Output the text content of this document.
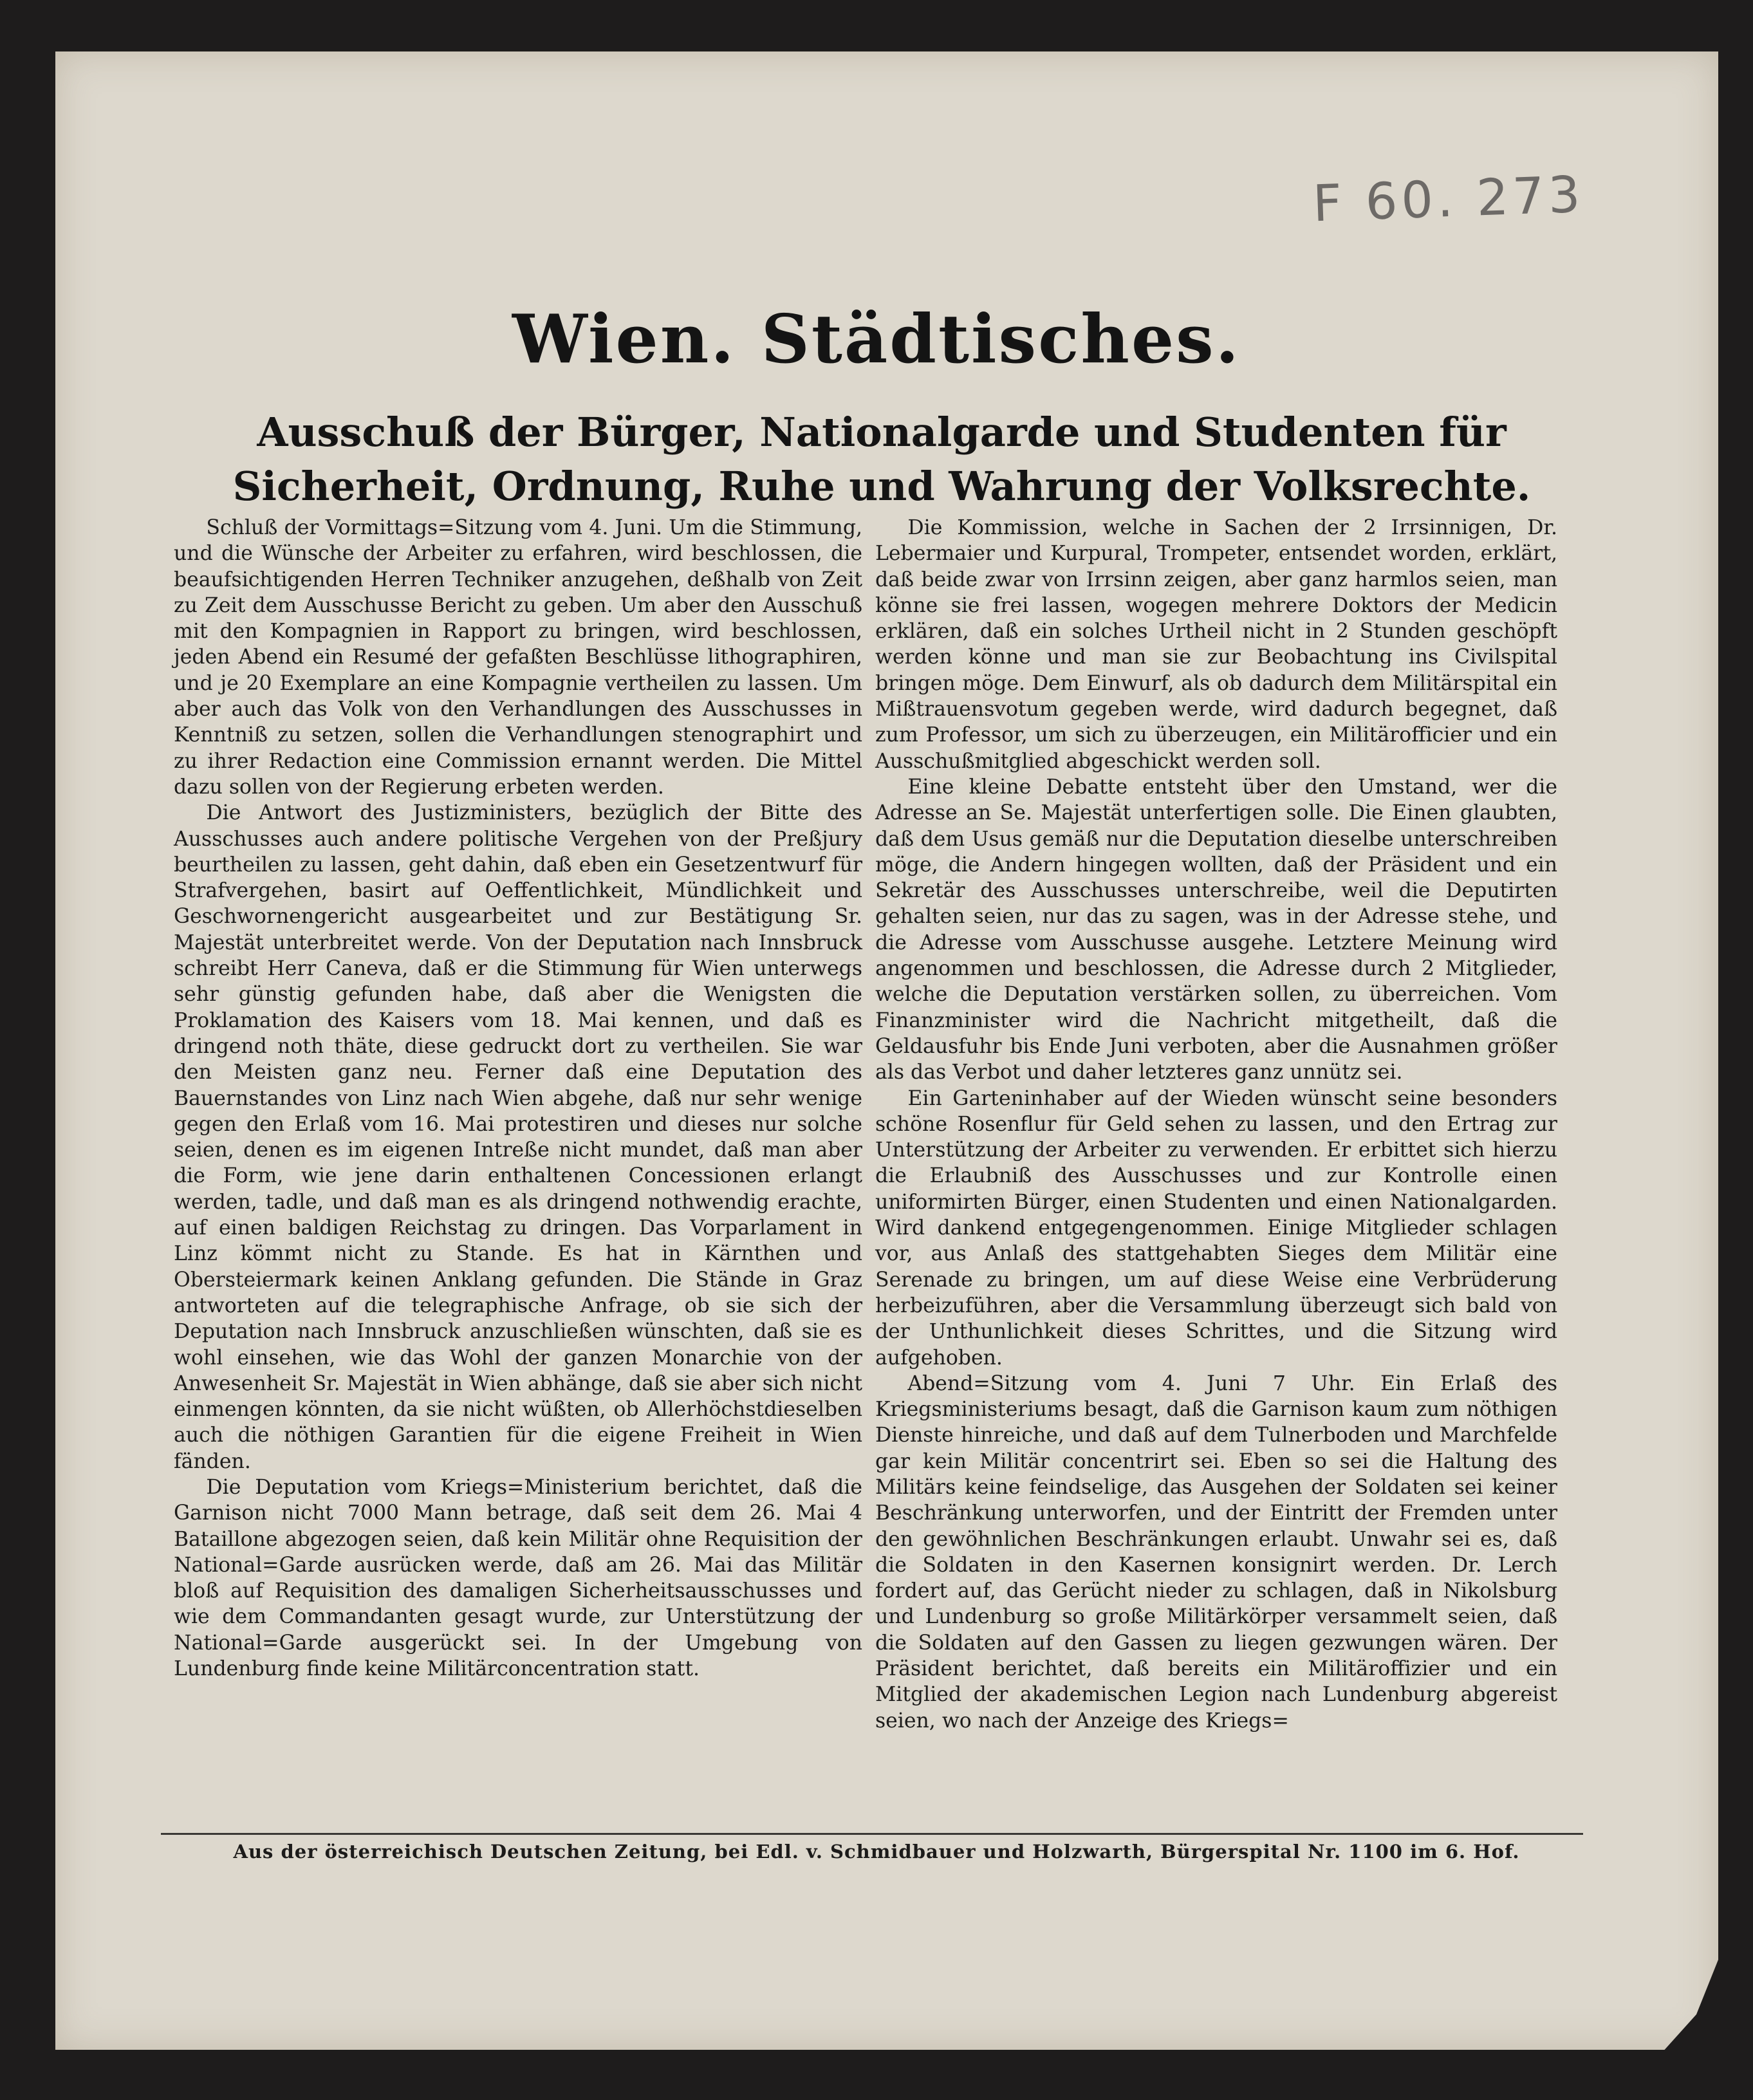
F 60. 273
Wien. Städtisches.
Ausschuß der Bürger, Nationalgarde und Studenten für Sicherheit, Ordnung, Ruhe und Wahrung der Volksrechte.

Schluß der Vormittags=Sitzung vom 4. Juni. Um die Stimmung, und die Wünsche der Arbeiter zu erfahren, wird beschlossen, die beaufsichtigenden Herren Techniker anzugehen, deßhalb von Zeit zu Zeit dem Ausschusse Bericht zu geben. Um aber den Ausschuß mit den Kompagnien in Rapport zu bringen, wird beschlossen, jeden Abend ein Resumé der gefaßten Beschlüsse lithographiren, und je 20 Exemplare an eine Kompagnie vertheilen zu lassen. Um aber auch das Volk von den Verhandlungen des Ausschusses in Kenntniß zu setzen, sollen die Verhandlungen stenographirt und zu ihrer Redaction eine Commission ernannt werden. Die Mittel dazu sollen von der Regierung erbeten werden.

Die Antwort des Justizministers, bezüglich der Bitte des Ausschusses auch andere politische Vergehen von der Preßjury beurtheilen zu lassen, geht dahin, daß eben ein Gesetzentwurf für Strafvergehen, basirt auf Oeffentlichkeit, Mündlichkeit und Geschwornengericht ausgearbeitet und zur Bestätigung Sr. Majestät unterbreitet werde. Von der Deputation nach Innsbruck schreibt Herr Caneva, daß er die Stimmung für Wien unterwegs sehr günstig gefunden habe, daß aber die Wenigsten die Proklamation des Kaisers vom 18. Mai kennen, und daß es dringend noth thäte, diese gedruckt dort zu vertheilen. Sie war den Meisten ganz neu. Ferner daß eine Deputation des Bauernstandes von Linz nach Wien abgehe, daß nur sehr wenige gegen den Erlaß vom 16. Mai protestiren und dieses nur solche seien, denen es im eigenen Intreße nicht mundet, daß man aber die Form, wie jene darin enthaltenen Concessionen erlangt werden, tadle, und daß man es als dringend nothwendig erachte, auf einen baldigen Reichstag zu dringen. Das Vorparlament in Linz kömmt nicht zu Stande. Es hat in Kärnthen und Obersteiermark keinen Anklang gefunden. Die Stände in Graz antworteten auf die telegraphische Anfrage, ob sie sich der Deputation nach Innsbruck anzuschließen wünschten, daß sie es wohl einsehen, wie das Wohl der ganzen Monarchie von der Anwesenheit Sr. Majestät in Wien abhänge, daß sie aber sich nicht einmengen könnten, da sie nicht wüßten, ob Allerhöchstdieselben auch die nöthigen Garantien für die eigene Freiheit in Wien fänden.

Die Deputation vom Kriegs=Ministerium berichtet, daß die Garnison nicht 7000 Mann betrage, daß seit dem 26. Mai 4 Bataillone abgezogen seien, daß kein Militär ohne Requisition der National=Garde ausrücken werde, daß am 26. Mai das Militär bloß auf Requisition des damaligen Sicherheitsausschusses und wie dem Commandanten gesagt wurde, zur Unterstützung der National=Garde ausgerückt sei. In der Umgebung von Lundenburg finde keine Militärconcentration statt.

Die Kommission, welche in Sachen der 2 Irrsinnigen, Dr. Lebermaier und Kurpural, Trompeter, entsendet worden, erklärt, daß beide zwar von Irrsinn zeigen, aber ganz harmlos seien, man könne sie frei lassen, wogegen mehrere Doktors der Medicin erklären, daß ein solches Urtheil nicht in 2 Stunden geschöpft werden könne und man sie zur Beobachtung ins Civilspital bringen möge. Dem Einwurf, als ob dadurch dem Militärspital ein Mißtrauensvotum gegeben werde, wird dadurch begegnet, daß zum Professor, um sich zu überzeugen, ein Militärofficier und ein Ausschußmitglied abgeschickt werden soll.

Eine kleine Debatte entsteht über den Umstand, wer die Adresse an Se. Majestät unterfertigen solle. Die Einen glaubten, daß dem Usus gemäß nur die Deputation dieselbe unterschreiben möge, die Andern hingegen wollten, daß der Präsident und ein Sekretär des Ausschusses unterschreibe, weil die Deputirten gehalten seien, nur das zu sagen, was in der Adresse stehe, und die Adresse vom Ausschusse ausgehe. Letztere Meinung wird angenommen und beschlossen, die Adresse durch 2 Mitglieder, welche die Deputation verstärken sollen, zu überreichen. Vom Finanzminister wird die Nachricht mitgetheilt, daß die Geldausfuhr bis Ende Juni verboten, aber die Ausnahmen größer als das Verbot und daher letzteres ganz unnütz sei.

Ein Garteninhaber auf der Wieden wünscht seine besonders schöne Rosenflur für Geld sehen zu lassen, und den Ertrag zur Unterstützung der Arbeiter zu verwenden. Er erbittet sich hierzu die Erlaubniß des Ausschusses und zur Kontrolle einen uniformirten Bürger, einen Studenten und einen Nationalgarden. Wird dankend entgegengenommen. Einige Mitglieder schlagen vor, aus Anlaß des stattgehabten Sieges dem Militär eine Serenade zu bringen, um auf diese Weise eine Verbrüderung herbeizuführen, aber die Versammlung überzeugt sich bald von der Unthunlichkeit dieses Schrittes, und die Sitzung wird aufgehoben.

Abend=Sitzung vom 4. Juni 7 Uhr. Ein Erlaß des Kriegsministeriums besagt, daß die Garnison kaum zum nöthigen Dienste hinreiche, und daß auf dem Tulnerboden und Marchfelde gar kein Militär concentrirt sei. Eben so sei die Haltung des Militärs keine feindselige, das Ausgehen der Soldaten sei keiner Beschränkung unterworfen, und der Eintritt der Fremden unter den gewöhnlichen Beschränkungen erlaubt. Unwahr sei es, daß die Soldaten in den Kasernen konsignirt werden. Dr. Lerch fordert auf, das Gerücht nieder zu schlagen, daß in Nikolsburg und Lundenburg so große Militärkörper versammelt seien, daß die Soldaten auf den Gassen zu liegen gezwungen wären. Der Präsident berichtet, daß bereits ein Militäroffizier und ein Mitglied der akademischen Legion nach Lundenburg abgereist seien, wo nach der Anzeige des Kriegs=

Aus der österreichisch Deutschen Zeitung, bei Edl. v. Schmidbauer und Holzwarth, Bürgerspital Nr. 1100 im 6. Hof.
